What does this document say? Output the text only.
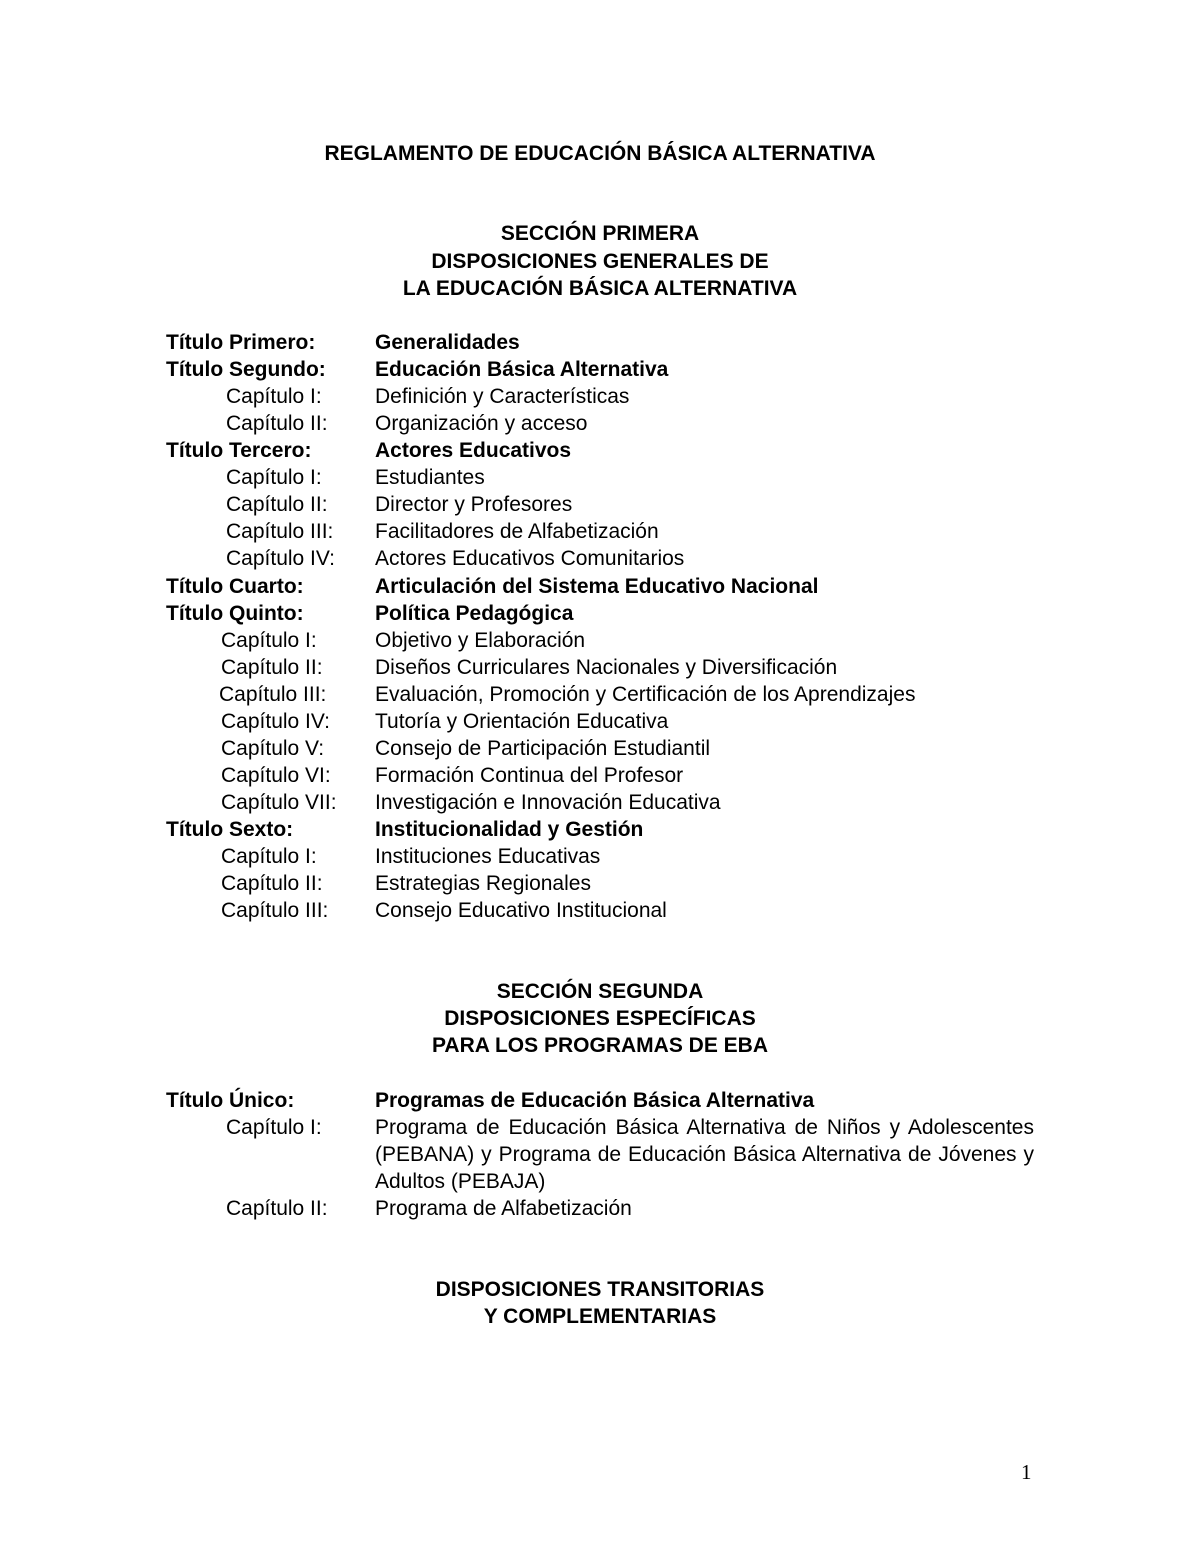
REGLAMENTO DE EDUCACIÓN BÁSICA ALTERNATIVA
SECCIÓN PRIMERA
DISPOSICIONES GENERALES DE
LA EDUCACIÓN BÁSICA ALTERNATIVA
Título Primero:	Generalidades
Título Segundo: Educación Básica Alternativa
Capítulo I:	Definición y Características
Capítulo II: Organización y acceso
Título Tercero:	Actores Educativos
Capítulo I:	Estudiantes
Capítulo II: Director y Profesores
Capítulo III: Facilitadores de Alfabetización
Capítulo IV: Actores Educativos Comunitarios
Título Cuarto:	Articulación del Sistema Educativo Nacional
Título Quinto:	Política Pedagógica
Capítulo I:	Objetivo y Elaboración
Capítulo II: Diseños Curriculares Nacionales y Diversificación
Capítulo III: Evaluación, Promoción y Certificación de los Aprendizajes
Capítulo IV: Tutoría y Orientación Educativa
Capítulo V: Consejo de Participación Estudiantil
Capítulo VI: Formación Continua del Profesor
Capítulo VII: Investigación e Innovación Educativa
Título Sexto:	Institucionalidad y Gestión
Capítulo I:	Instituciones Educativas
Capítulo II: Estrategias Regionales
Capítulo III: Consejo Educativo Institucional
SECCIÓN SEGUNDA
DISPOSICIONES ESPECÍFICAS
PARA LOS PROGRAMAS DE EBA
Título Único:	Programas de Educación Básica Alternativa
Capítulo I:	Programa de Educación Básica Alternativa de Niños y Adolescentes (PEBANA) y Programa de Educación Básica Alternativa de Jóvenes y Adultos (PEBAJA)
Capítulo II: Programa de Alfabetización
DISPOSICIONES TRANSITORIAS
Y COMPLEMENTARIAS
1
